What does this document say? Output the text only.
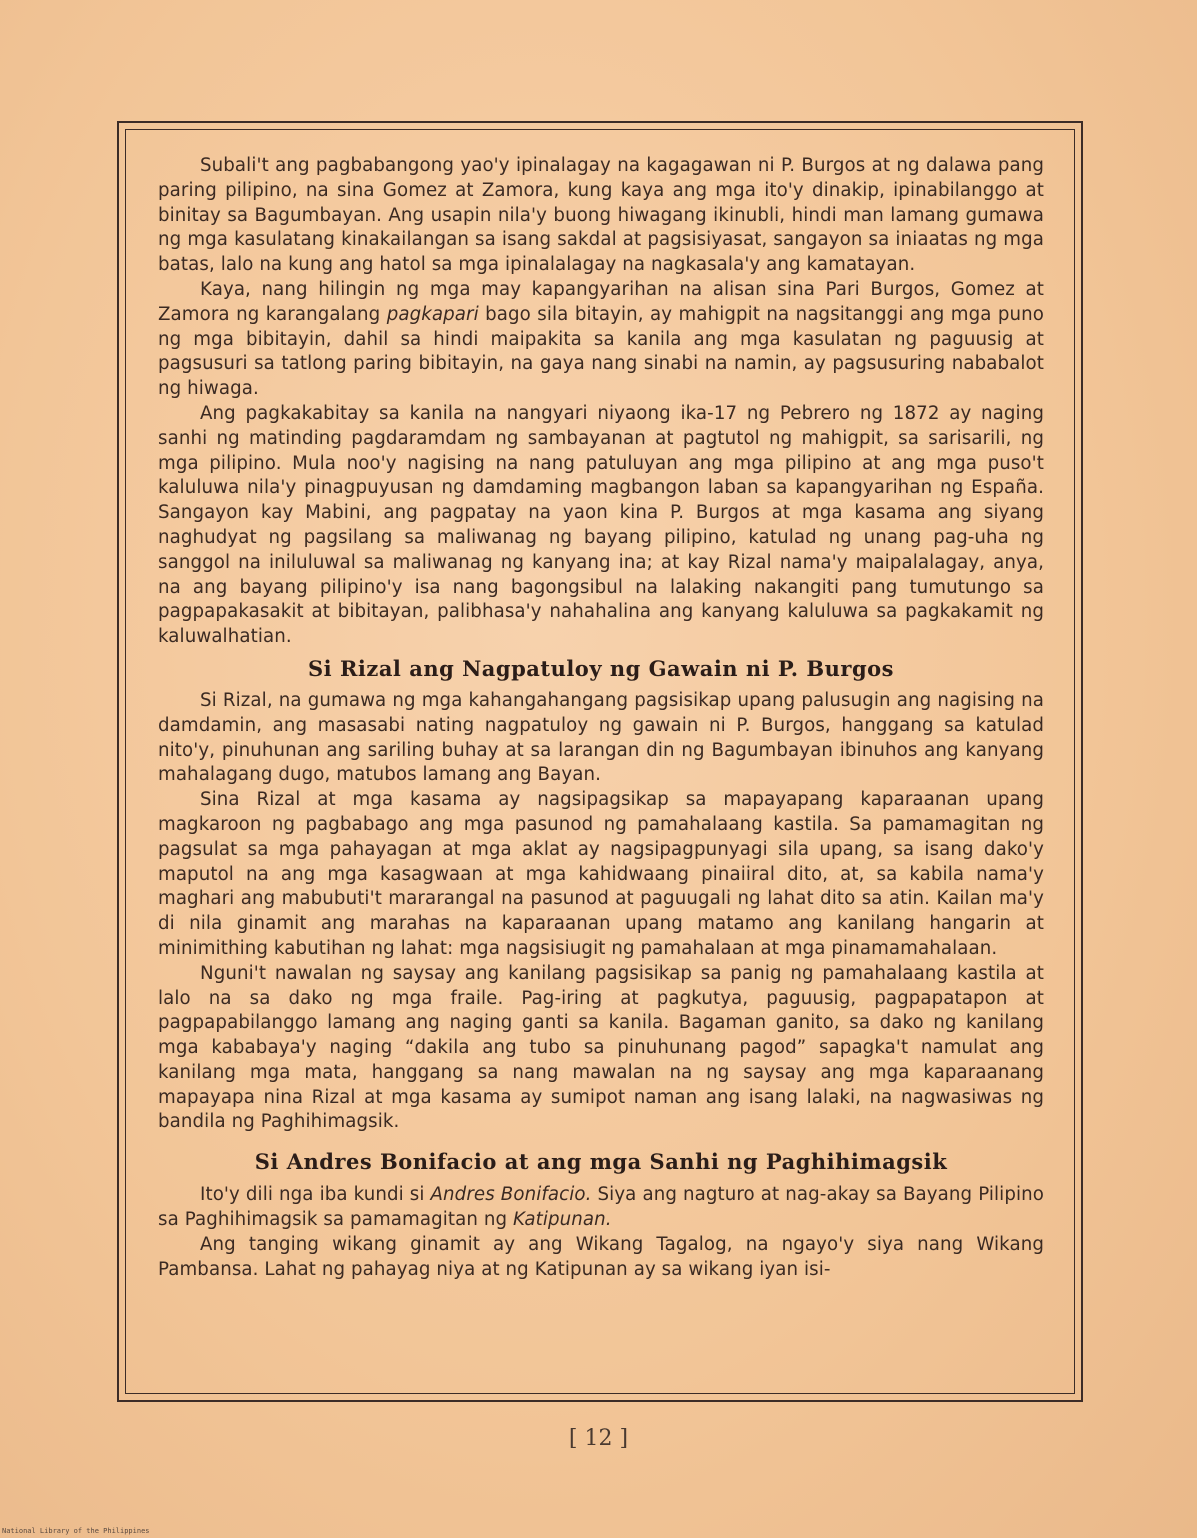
Subali't ang pagbabangong yao'y ipinalagay na kagagawan ni P. Burgos at ng dalawa pang paring pilipino, na sina Gomez at Zamora, kung kaya ang mga ito'y dinakip, ipinabilanggo at binitay sa Bagumbayan. Ang usapin nila'y buong hiwagang ikinubli, hindi man lamang gumawa ng mga kasulatang kinakailangan sa isang sakdal at pagsisiyasat, sangayon sa iniaatas ng mga batas, lalo na kung ang hatol sa mga ipinalalagay na nagkasala'y ang kamatayan.

Kaya, nang hilingin ng mga may kapangyarihan na alisan sina Pari Burgos, Gomez at Zamora ng karangalang pagkapari bago sila bitayin, ay mahigpit na nagsitanggi ang mga puno ng mga bibitayin, dahil sa hindi maipakita sa kanila ang mga kasulatan ng paguusig at pagsusuri sa tatlong paring bibitayin, na gaya nang sinabi na namin, ay pagsusuring nababalot ng hiwaga.

Ang pagkakabitay sa kanila na nangyari niyaong ika-17 ng Pebrero ng 1872 ay naging sanhi ng matinding pagdaramdam ng sambayanan at pagtutol ng mahigpit, sa sarisarili, ng mga pilipino. Mula noo'y nagising na nang patuluyan ang mga pilipino at ang mga puso't kaluluwa nila'y pinagpuyusan ng damdaming magbangon laban sa kapangyarihan ng España. Sangayon kay Mabini, ang pagpatay na yaon kina P. Burgos at mga kasama ang siyang naghudyat ng pagsilang sa maliwanag ng bayang pilipino, katulad ng unang pag-uha ng sanggol na iniluluwal sa maliwanag ng kanyang ina; at kay Rizal nama'y maipalalagay, anya, na ang bayang pilipino'y isa nang bagongsibul na lalaking nakangiti pang tumutungo sa pagpapakasakit at bibitayan, palibhasa'y nahahalina ang kanyang kaluluwa sa pagkakamit ng kaluwalhatian.

Si Rizal ang Nagpatuloy ng Gawain ni P. Burgos

Si Rizal, na gumawa ng mga kahangahangang pagsisikap upang palusugin ang nagising na damdamin, ang masasabi nating nagpatuloy ng gawain ni P. Burgos, hanggang sa katulad nito'y, pinuhunan ang sariling buhay at sa larangan din ng Bagumbayan ibinuhos ang kanyang mahalagang dugo, matubos lamang ang Bayan.

Sina Rizal at mga kasama ay nagsipagsikap sa mapayapang kaparaanan upang magkaroon ng pagbabago ang mga pasunod ng pamahalaang kastila. Sa pamamagitan ng pagsulat sa mga pahayagan at mga aklat ay nagsipagpunyagi sila upang, sa isang dako'y maputol na ang mga kasagwaan at mga kahidwaang pinaiiral dito, at, sa kabila nama'y maghari ang mabubuti't mararangal na pasunod at paguugali ng lahat dito sa atin. Kailan ma'y di nila ginamit ang marahas na kaparaanan upang matamo ang kanilang hangarin at minimithing kabutihan ng lahat: mga nagsisiugit ng pamahalaan at mga pinamamahalaan.

Nguni't nawalan ng saysay ang kanilang pagsisikap sa panig ng pamahalaang kastila at lalo na sa dako ng mga fraile. Pag-iring at pagkutya, paguusig, pagpapatapon at pagpapabilanggo lamang ang naging ganti sa kanila. Bagaman ganito, sa dako ng kanilang mga kababaya'y naging “dakila ang tubo sa pinuhunang pagod” sapagka't namulat ang kanilang mga mata, hanggang sa nang mawalan na ng saysay ang mga kaparaanang mapayapa nina Rizal at mga kasama ay sumipot naman ang isang lalaki, na nagwasiwas ng bandila ng Paghihimagsik.

Si Andres Bonifacio at ang mga Sanhi ng Paghihimagsik

Ito'y dili nga iba kundi si Andres Bonifacio. Siya ang nagturo at nag-akay sa Bayang Pilipino sa Paghihimagsik sa pamamagitan ng Katipunan.

Ang tanging wikang ginamit ay ang Wikang Tagalog, na ngayo'y siya nang Wikang Pambansa. Lahat ng pahayag niya at ng Katipunan ay sa wikang iyan isi-

[ 12 ]
National Library of the Philippines
